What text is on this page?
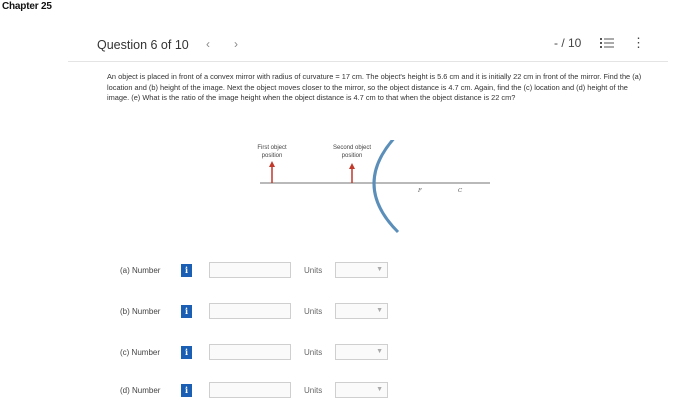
Chapter 25
Question 6 of 10 ‹ ›	- / 10	⋮
An object is placed in front of a convex mirror with radius of curvature = 17 cm. The object's height is 5.6 cm and it is initially 22 cm in front of the mirror. Find the (a) location and (b) height of the image. Next the object moves closer to the mirror, so the object distance is 4.7 cm. Again, find the (c) location and (d) height of the image. (e) What is the ratio of the image height when the object distance is 4.7 cm to that when the object distance is 22 cm?
First object
position
Second object
position
F	C
(a) Number	i	Units	▼
(b) Number	i	Units	▼
(c) Number	i	Units	▼
(d) Number	i	Units	▼
